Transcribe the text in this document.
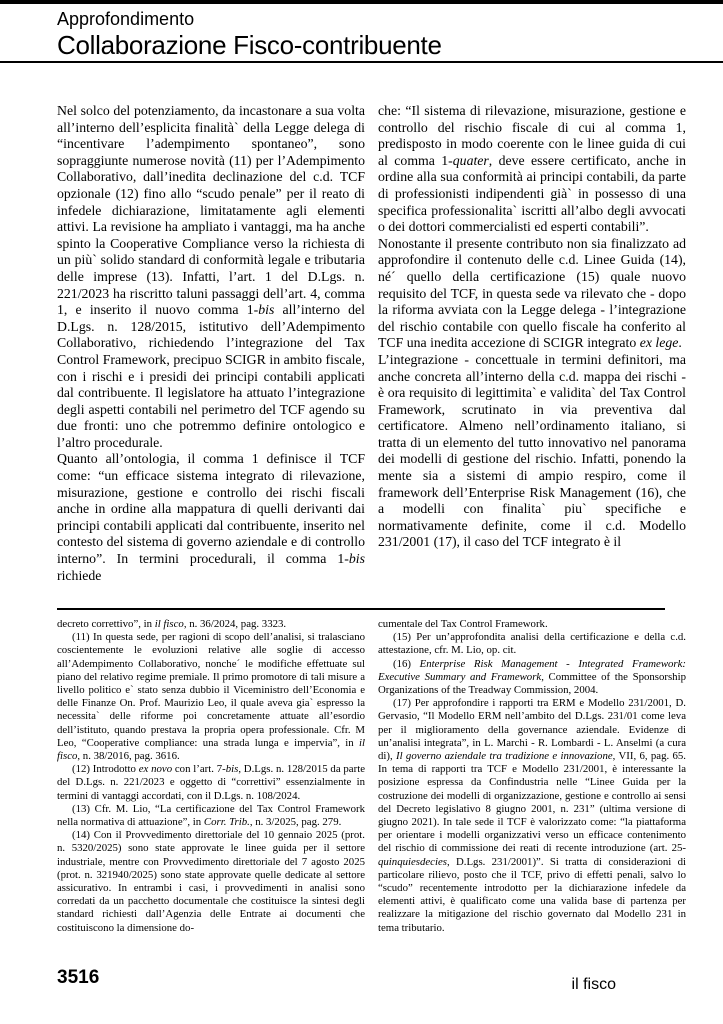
Approfondimento
Collaborazione Fisco-contribuente

Nel solco del potenziamento, da incastonare a sua volta all’interno dell’esplicita finalità` della Legge delega di “incentivare l’adempimento spontaneo”, sono sopraggiunte numerose novità (11) per l’Adempimento Collaborativo, dall’inedita declinazione del c.d. TCF opzionale (12) fino allo “scudo penale” per il reato di infedele dichiarazione, limitatamente agli elementi attivi. La revisione ha ampliato i vantaggi, ma ha anche spinto la Cooperative Compliance verso la richiesta di un più` solido standard di conformità legale e tributaria delle imprese (13). Infatti, l’art. 1 del D.Lgs. n. 221/2023 ha riscritto taluni passaggi dell’art. 4, comma 1, e inserito il nuovo comma 1-bis all’interno del D.Lgs. n. 128/2015, istitutivo dell’Adempimento Collaborativo, richiedendo l’integrazione del Tax Control Framework, precipuo SCIGR in ambito fiscale, con i rischi e i presidi dei principi contabili applicati dal contribuente. Il legislatore ha attuato l’integrazione degli aspetti contabili nel perimetro del TCF agendo su due fronti: uno che potremmo definire ontologico e l’altro procedurale.

Quanto all’ontologia, il comma 1 definisce il TCF come: “un efficace sistema integrato di rilevazione, misurazione, gestione e controllo dei rischi fiscali anche in ordine alla mappatura di quelli derivanti dai principi contabili applicati dal contribuente, inserito nel contesto del sistema di governo aziendale e di controllo interno”. In termini procedurali, il comma 1-bis richiede

che: “Il sistema di rilevazione, misurazione, gestione e controllo del rischio fiscale di cui al comma 1, predisposto in modo coerente con le linee guida di cui al comma 1-quater, deve essere certificato, anche in ordine alla sua conformità ai principi contabili, da parte di professionisti indipendenti già` in possesso di una specifica professionalita` iscritti all’albo degli avvocati o dei dottori commercialisti ed esperti contabili”.

Nonostante il presente contributo non sia finalizzato ad approfondire il contenuto delle c.d. Linee Guida (14), né´ quello della certificazione (15) quale nuovo requisito del TCF, in questa sede va rilevato che - dopo la riforma avviata con la Legge delega - l’integrazione del rischio contabile con quello fiscale ha conferito al TCF una inedita accezione di SCIGR integrato ex lege.

L’integrazione - concettuale in termini definitori, ma anche concreta all’interno della c.d. mappa dei rischi - è ora requisito di legittimita` e validita` del Tax Control Framework, scrutinato in via preventiva dal certificatore. Almeno nell’ordinamento italiano, si tratta di un elemento del tutto innovativo nel panorama dei modelli di gestione del rischio. Infatti, ponendo la mente sia a sistemi di ampio respiro, come il framework dell’Enterprise Risk Management (16), che a modelli con finalita` piu` specifiche e normativamente definite, come il c.d. Modello 231/2001 (17), il caso del TCF integrato è il

decreto correttivo”, in il fisco, n. 36/2024, pag. 3323.

(11) In questa sede, per ragioni di scopo dell’analisi, si tralasciano coscientemente le evoluzioni relative alle soglie di accesso all’Adempimento Collaborativo, nonche´ le modifiche effettuate sul piano del relativo regime premiale. Il primo promotore di tali misure a livello politico e` stato senza dubbio il Viceministro dell’Economia e delle Finanze On. Prof. Maurizio Leo, il quale aveva gia` espresso la necessita` delle riforme poi concretamente attuate all’esordio dell’istituto, quando prestava la propria opera professionale. Cfr. M Leo, “Cooperative compliance: una strada lunga e impervia”, in il fisco, n. 38/2016, pag. 3616.

(12) Introdotto ex novo con l’art. 7-bis, D.Lgs. n. 128/2015 da parte del D.Lgs. n. 221/2023 e oggetto di “correttivi” essenzialmente in termini di vantaggi accordati, con il D.Lgs. n. 108/2024.

(13) Cfr. M. Lio, “La certificazione del Tax Control Framework nella normativa di attuazione”, in Corr. Trib., n. 3/2025, pag. 279.

(14) Con il Provvedimento direttoriale del 10 gennaio 2025 (prot. n. 5320/2025) sono state approvate le linee guida per il settore industriale, mentre con Provvedimento direttoriale del 7 agosto 2025 (prot. n. 321940/2025) sono state approvate quelle dedicate al settore assicurativo. In entrambi i casi, i provvedimenti in analisi sono corredati da un pacchetto documentale che costituisce la sintesi degli standard richiesti dall’Agenzia delle Entrate ai documenti che costituiscono la dimensione do-

cumentale del Tax Control Framework.

(15) Per un’approfondita analisi della certificazione e della c.d. attestazione, cfr. M. Lio, op. cit.

(16) Enterprise Risk Management - Integrated Framework: Executive Summary and Framework, Committee of the Sponsorship Organizations of the Treadway Commission, 2004.

(17) Per approfondire i rapporti tra ERM e Modello 231/2001, D. Gervasio, “Il Modello ERM nell’ambito del D.Lgs. 231/01 come leva per il miglioramento della governance aziendale. Evidenze di un’analisi integrata”, in L. Marchi - R. Lombardi - L. Anselmi (a cura di), Il governo aziendale tra tradizione e innovazione, VII, 6, pag. 65. In tema di rapporti tra TCF e Modello 231/2001, è interessante la posizione espressa da Confindustria nelle “Linee Guida per la costruzione dei modelli di organizzazione, gestione e controllo ai sensi del Decreto legislativo 8 giugno 2001, n. 231” (ultima versione di giugno 2021). In tale sede il TCF è valorizzato come: “la piattaforma per orientare i modelli organizzativi verso un efficace contenimento del rischio di commissione dei reati di recente introduzione (art. 25-quinquiesdecies, D.Lgs. 231/2001)”. Si tratta di considerazioni di particolare rilievo, posto che il TCF, privo di effetti penali, salvo lo “scudo” recentemente introdotto per la dichiarazione infedele da elementi attivi, è qualificato come una valida base di partenza per realizzare la mitigazione del rischio governato dal Modello 231 in tema tributario.

3516	il fisco
